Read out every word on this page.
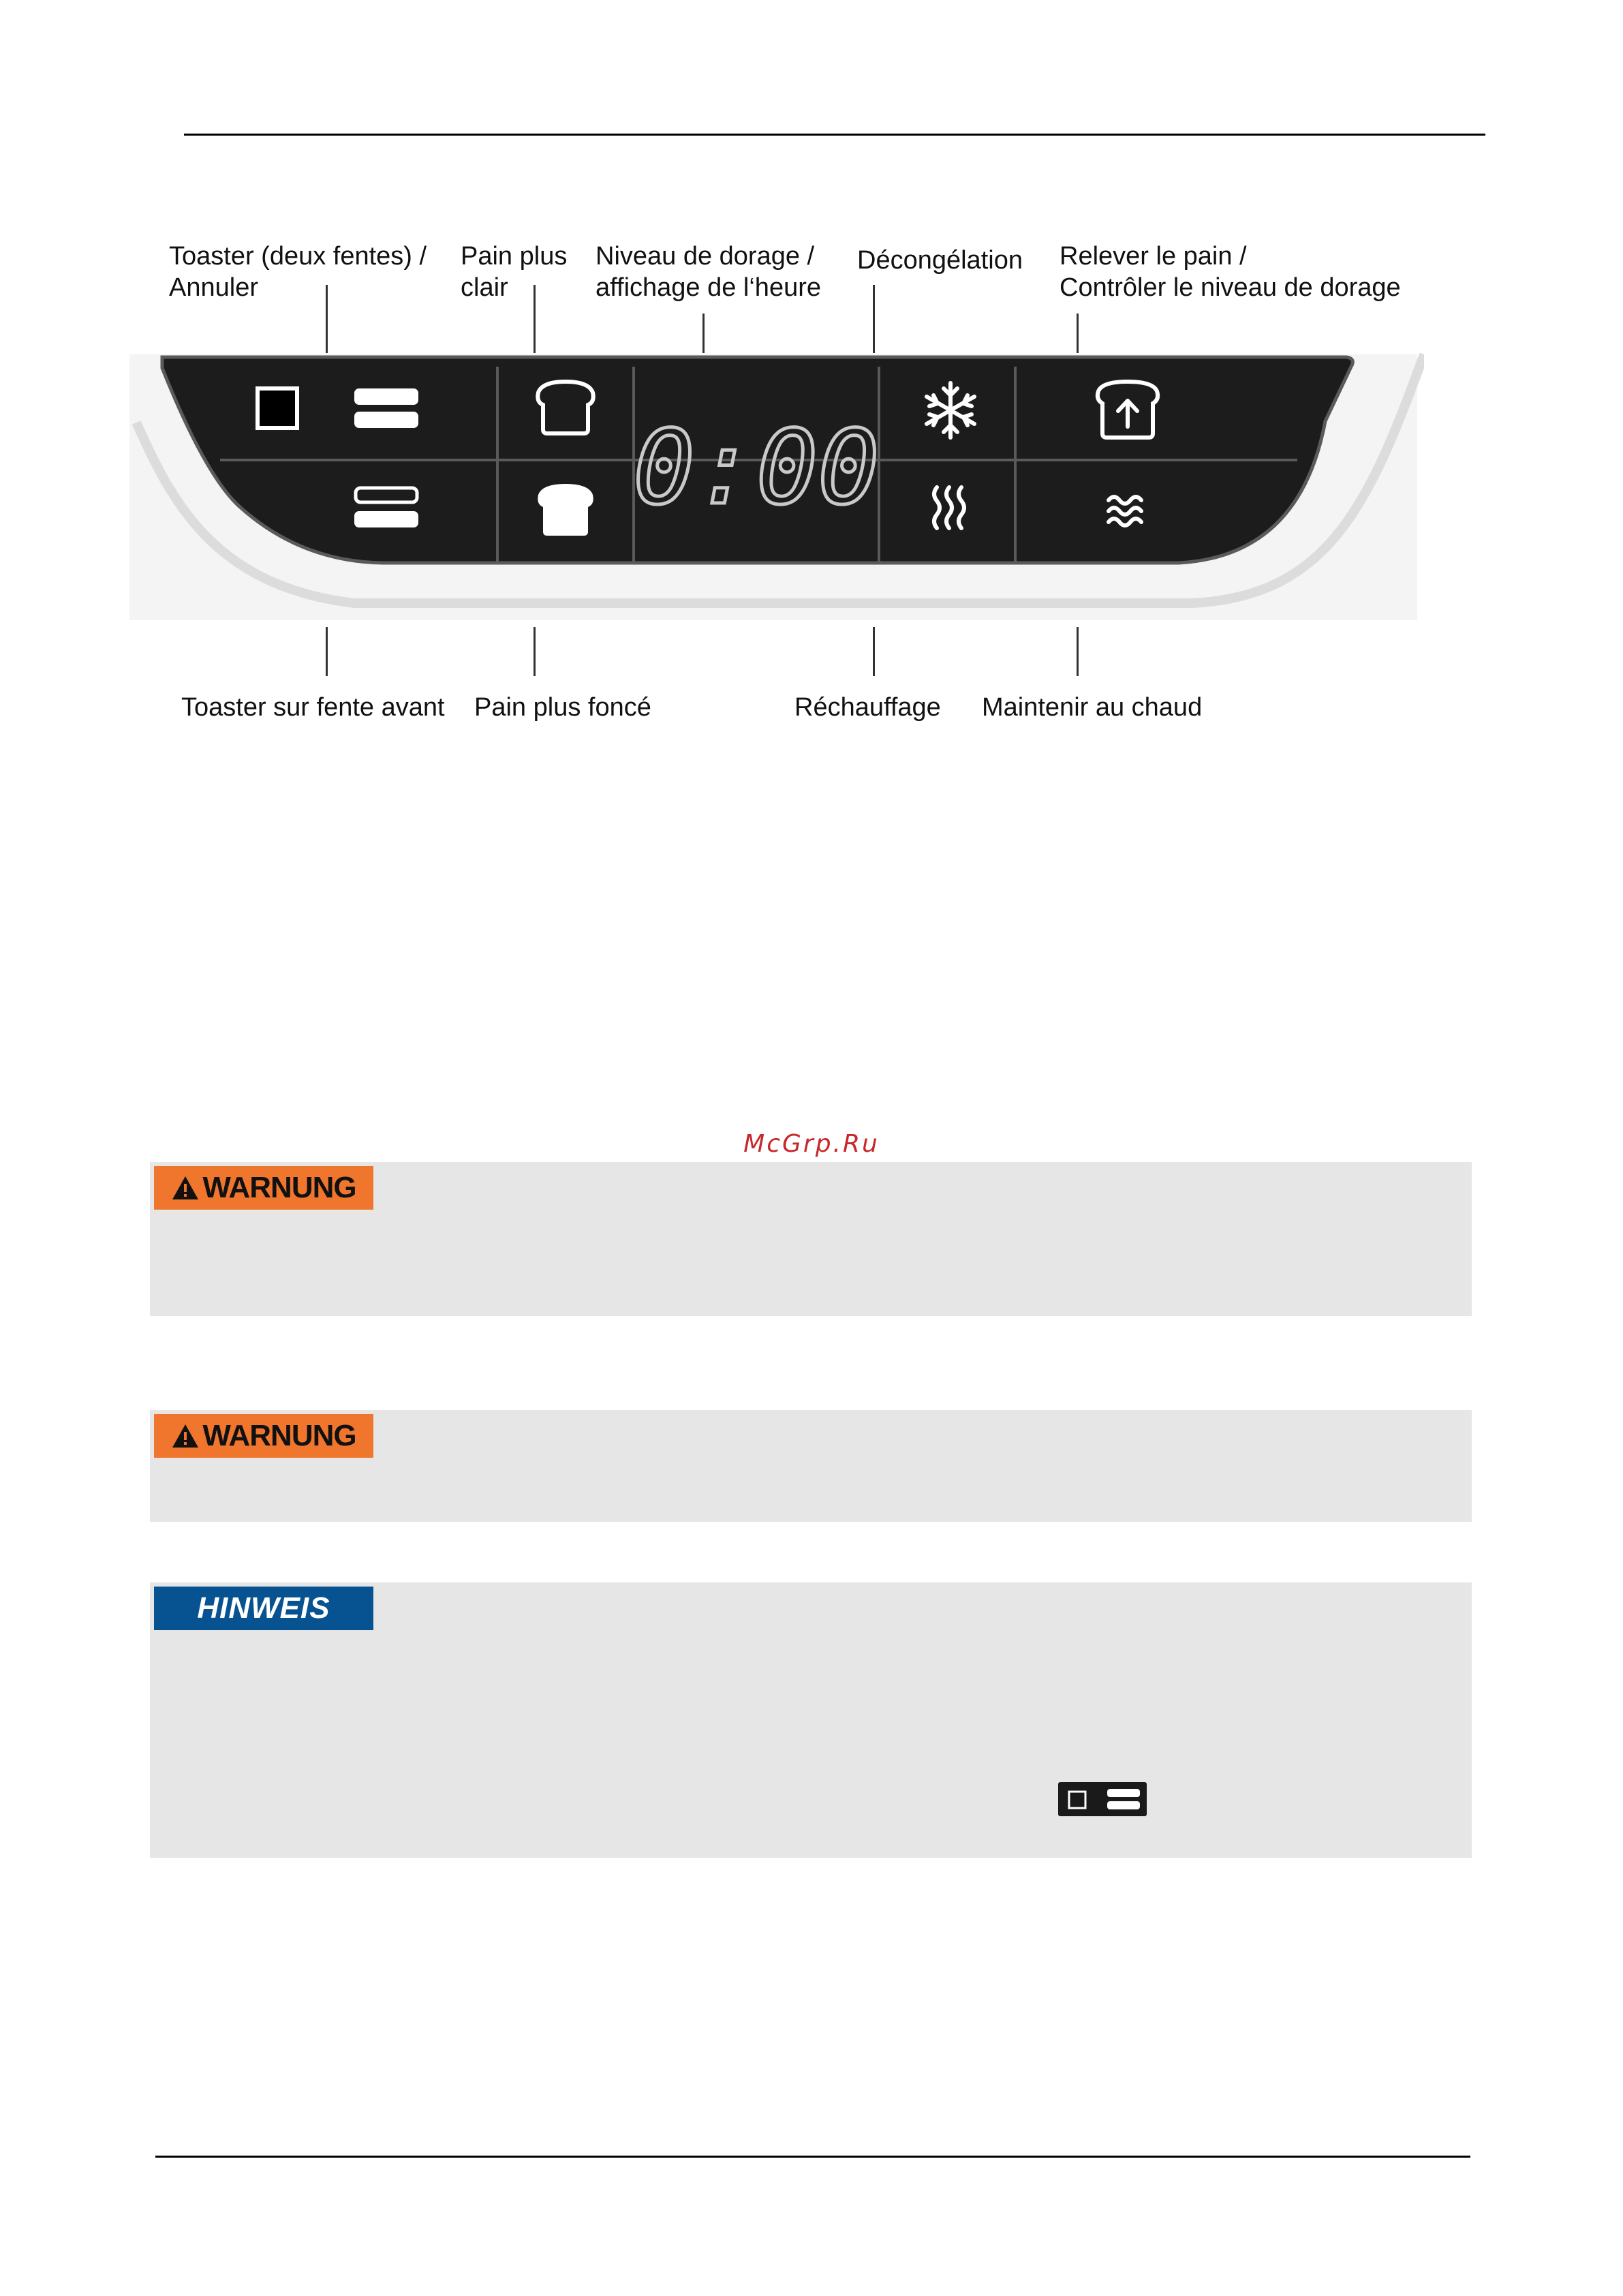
Toaster (deux fentes) /
Annuler
Pain plus
clair
Niveau de dorage /
affichage de l‘heure
Décongélation Relever le pain /
Contrôler le niveau de dorage
0:00
Toaster sur fente avant Pain plus foncé	Réchauffage Maintenir au chaud
McGrp.Ru
WARNUNG
WARNUNG
HINWEIS
